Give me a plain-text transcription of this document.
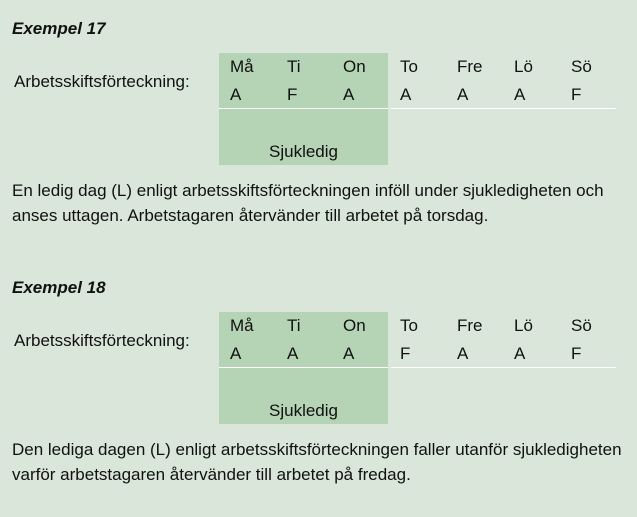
Exempel 17
Arbetsskiftsförteckning:
Må Ti On To Fre Lö Sö
A	F	A	A	A	A	F
Sjukledig

En ledig dag (L) enligt arbetsskiftsförteckningen inföll under sjukledigheten och anses uttagen. Arbetstagaren återvänder till arbetet på torsdag.

Exempel 18
Arbetsskiftsförteckning:
Må Ti On To Fre Lö Sö
A	A	A	F	A	A	F
Sjukledig

Den lediga dagen (L) enligt arbetsskiftsförteckningen faller utanför sjukledigheten varför arbetstagaren återvänder till arbetet på fredag.
